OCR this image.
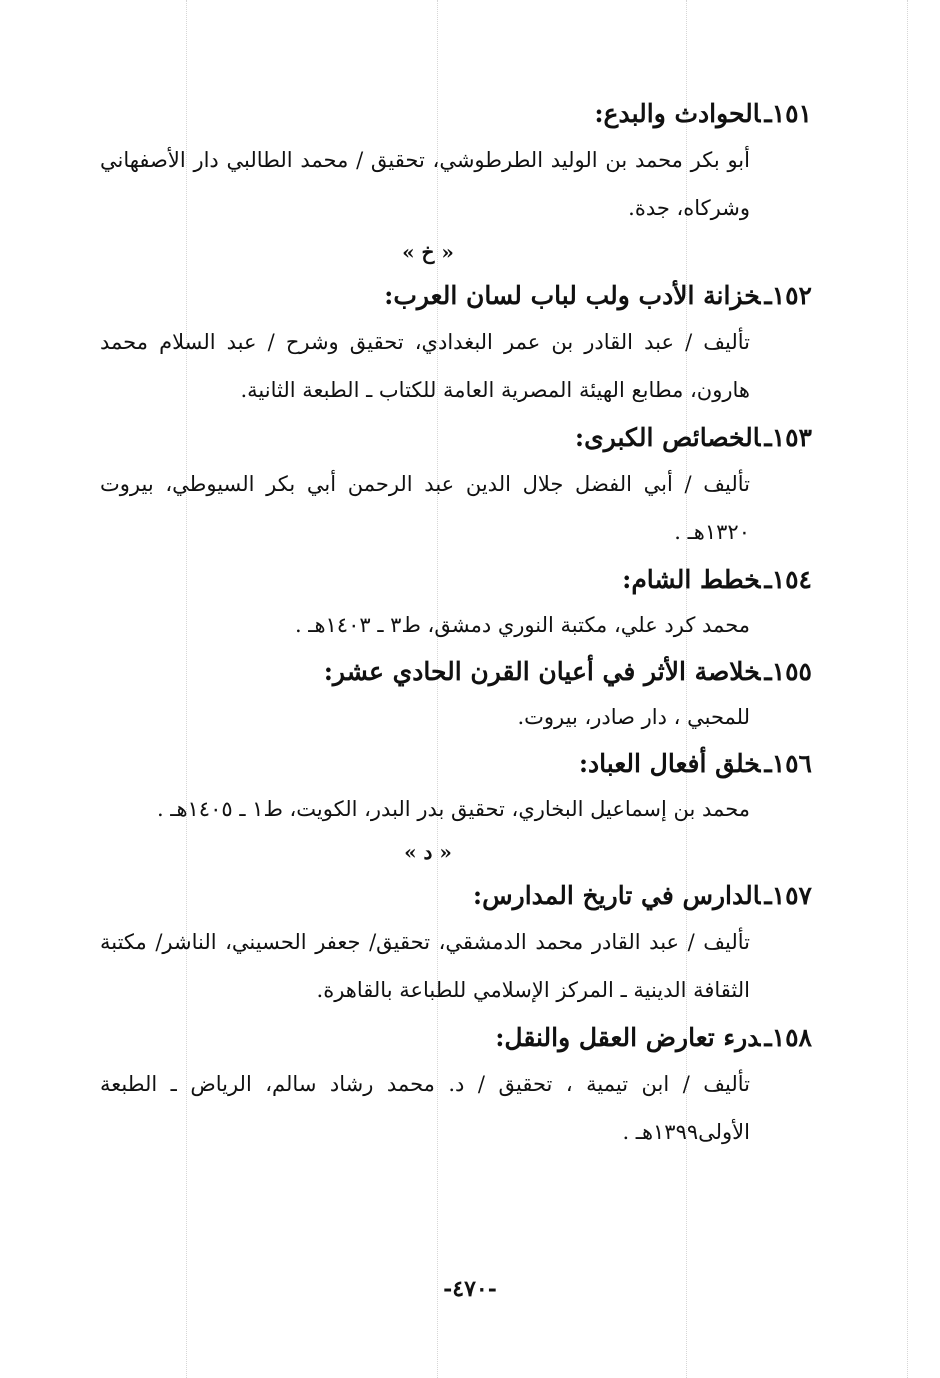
١٥١ـالحوادث والبدع:

أبو بكر محمد بن الوليد الطرطوشي، تحقيق / محمد الطالبي دار الأصفهاني وشركاه، جدة.

« خ »

١٥٢ـخزانة الأدب ولب لباب لسان العرب:

تأليف / عبد القادر بن عمر البغدادي، تحقيق وشرح / عبد السلام محمد هارون، مطابع الهيئة المصرية العامة للكتاب ـ الطبعة الثانية.

١٥٣ـالخصائص الكبرى:

تأليف / أبي الفضل جلال الدين عبد الرحمن أبي بكر السيوطي، بيروت ١٣٢٠هـ .

١٥٤ـخطط الشام:

محمد كرد علي، مكتبة النوري دمشق، ط٣ ـ ١٤٠٣هـ .

١٥٥ـخلاصة الأثر في أعيان القرن الحادي عشر:

للمحبي ، دار صادر، بيروت.

١٥٦ـخلق أفعال العباد:

محمد بن إسماعيل البخاري، تحقيق بدر البدر، الكويت، ط١ ـ ١٤٠٥هـ .

« د »

١٥٧ـالدارس في تاريخ المدارس:

تأليف / عبد القادر محمد الدمشقي، تحقيق/ جعفر الحسيني، الناشر/ مكتبة الثقافة الدينية ـ المركز الإسلامي للطباعة بالقاهرة.

١٥٨ـدرء تعارض العقل والنقل:

تأليف / ابن تيمية ، تحقيق / د. محمد رشاد سالم، الرياض ـ الطبعة الأولى١٣٩٩هـ .

-٤٧٠-
